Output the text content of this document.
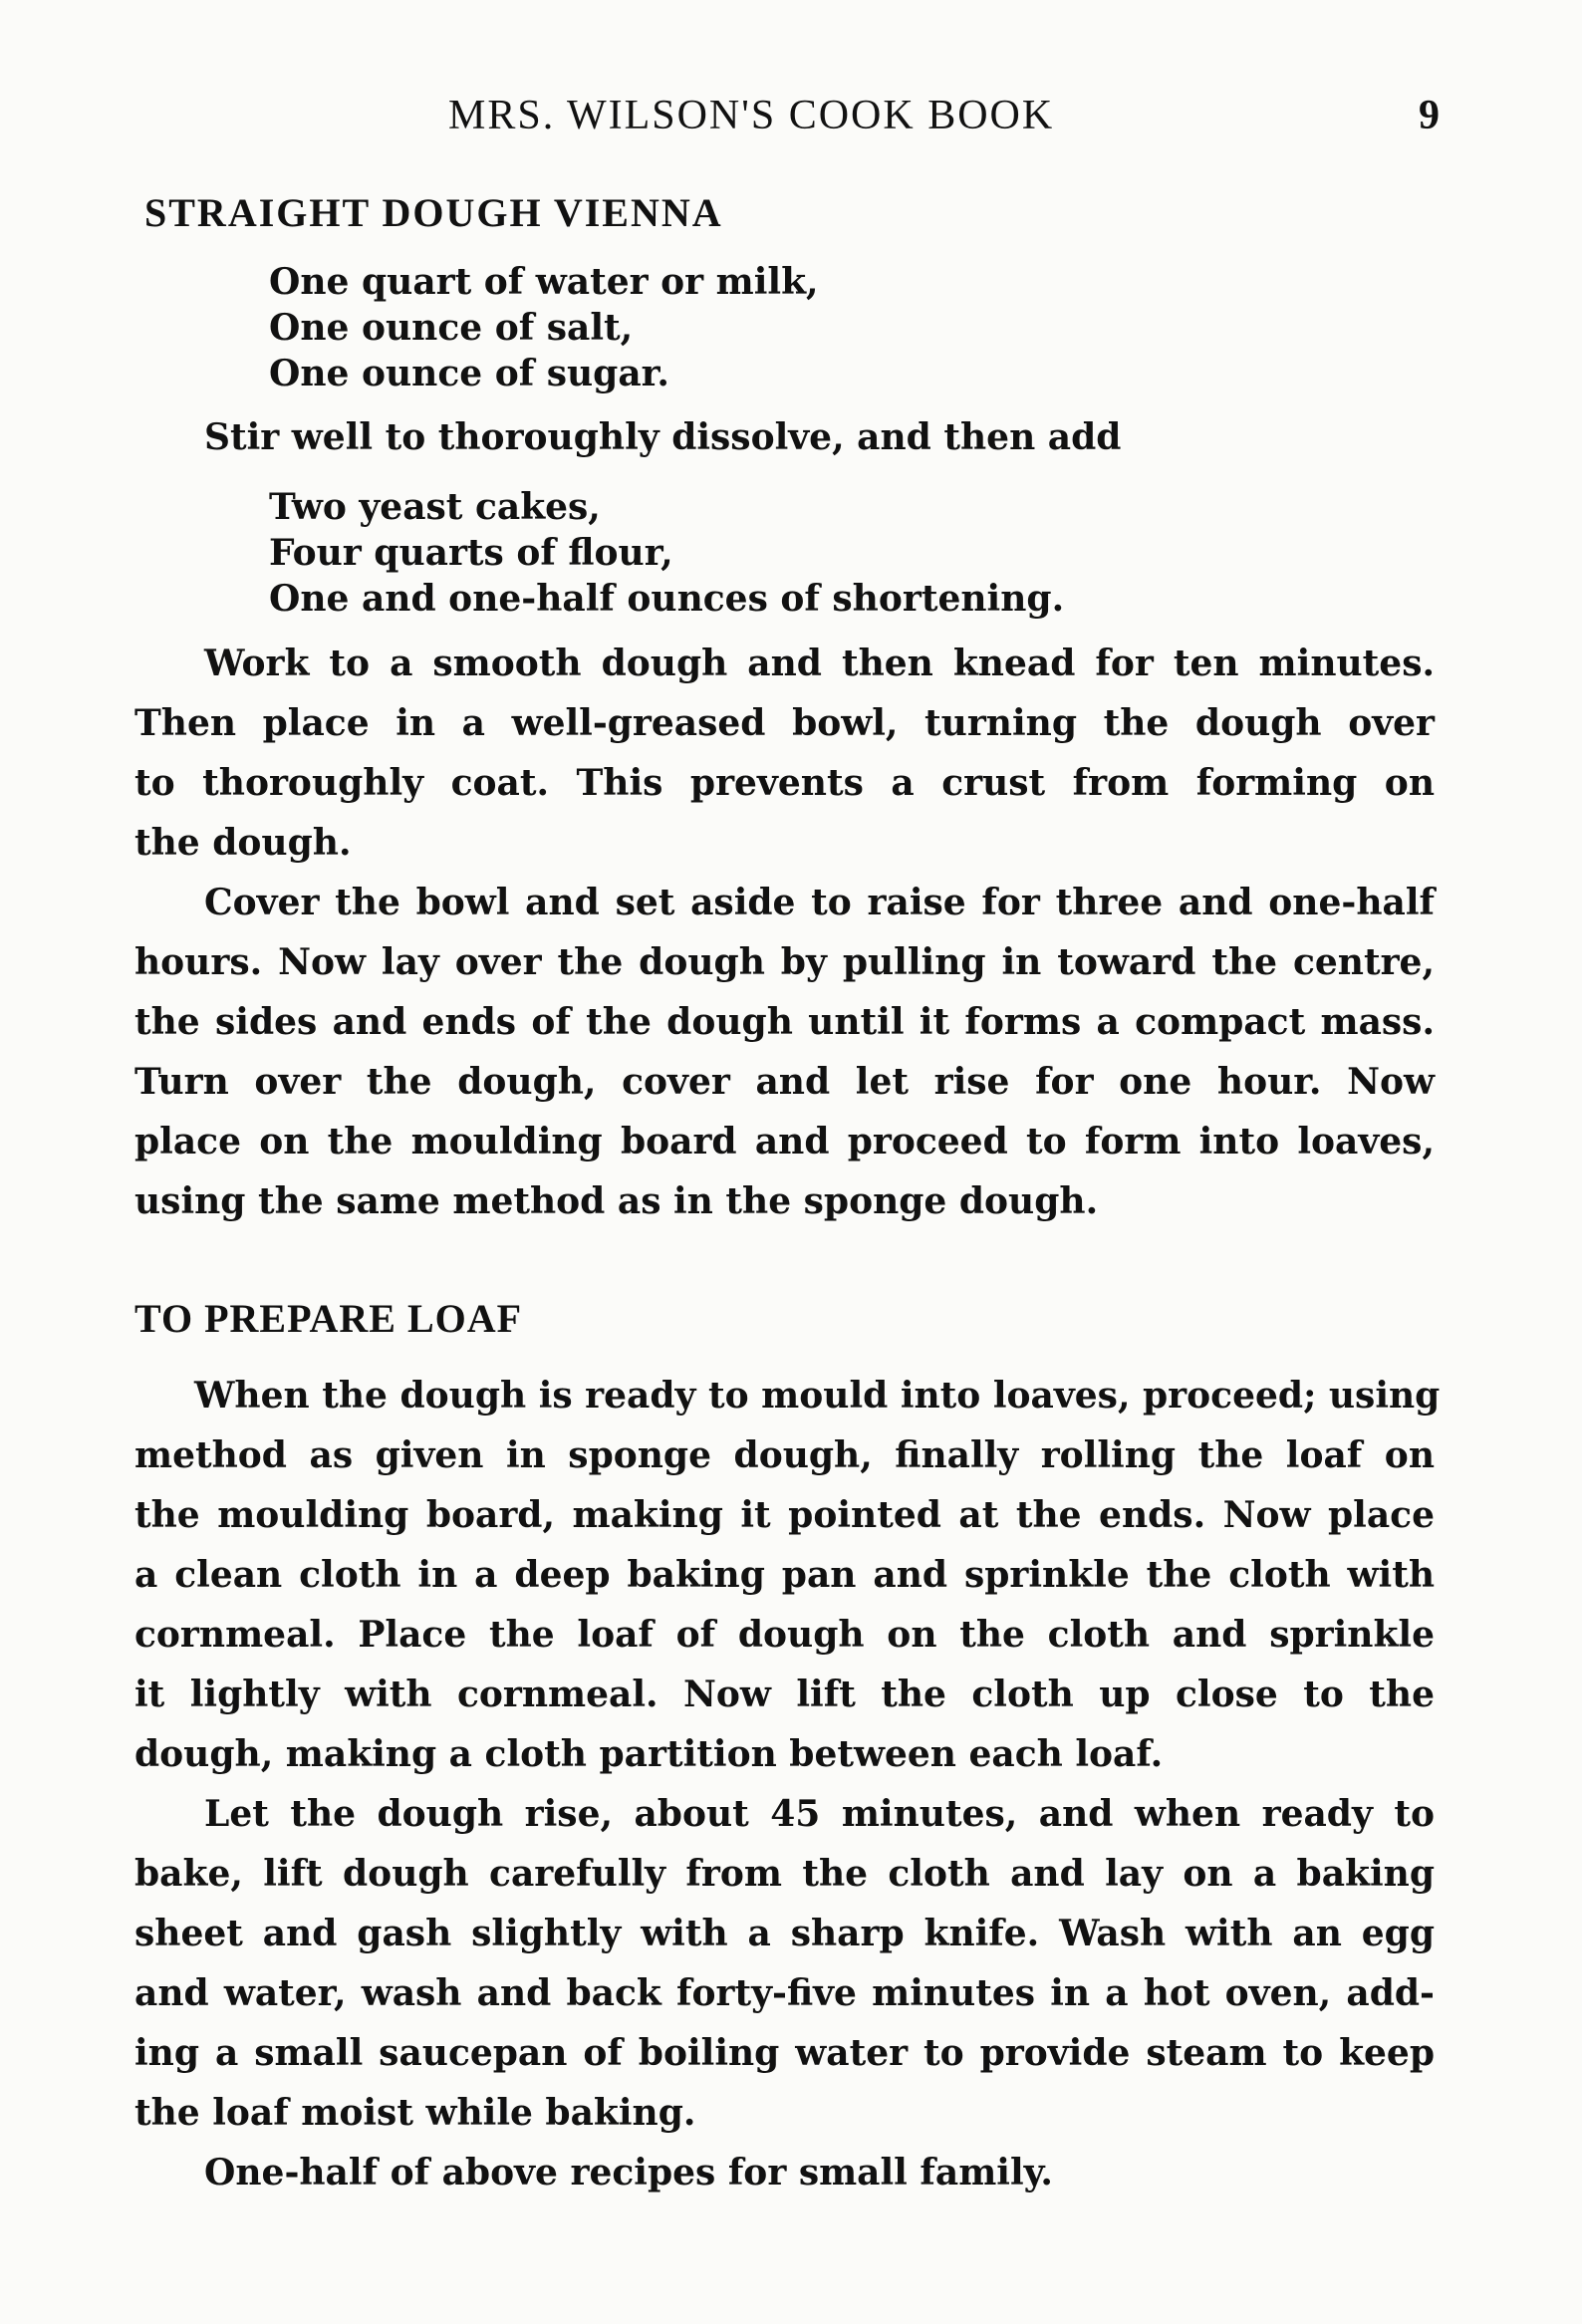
MRS. WILSON'S COOK BOOK	9
STRAIGHT DOUGH VIENNA
One quart of water or milk,
One ounce of salt,
One ounce of sugar.
Stir well to thoroughly dissolve, and then add
Two yeast cakes,
Four quarts of flour,
One and one-half ounces of shortening.
Work to a smooth dough and then knead for ten minutes.
Then place in a well-greased bowl, turning the dough over
to thoroughly coat. This prevents a crust from forming on
the dough.
Cover the bowl and set aside to raise for three and one-half
hours. Now lay over the dough by pulling in toward the centre,
the sides and ends of the dough until it forms a compact mass.
Turn over the dough, cover and let rise for one hour. Now
place on the moulding board and proceed to form into loaves,
using the same method as in the sponge dough.
TO PREPARE LOAF
When the dough is ready to mould into loaves, proceed; using
method as given in sponge dough, finally rolling the loaf on
the moulding board, making it pointed at the ends. Now place
a clean cloth in a deep baking pan and sprinkle the cloth with
cornmeal. Place the loaf of dough on the cloth and sprinkle
it lightly with cornmeal. Now lift the cloth up close to the
dough, making a cloth partition between each loaf.
Let the dough rise, about 45 minutes, and when ready to
bake, lift dough carefully from the cloth and lay on a baking
sheet and gash slightly with a sharp knife. Wash with an egg
and water, wash and back forty-five minutes in a hot oven, add-
ing a small saucepan of boiling water to provide steam to keep
the loaf moist while baking.
One-half of above recipes for small family.
